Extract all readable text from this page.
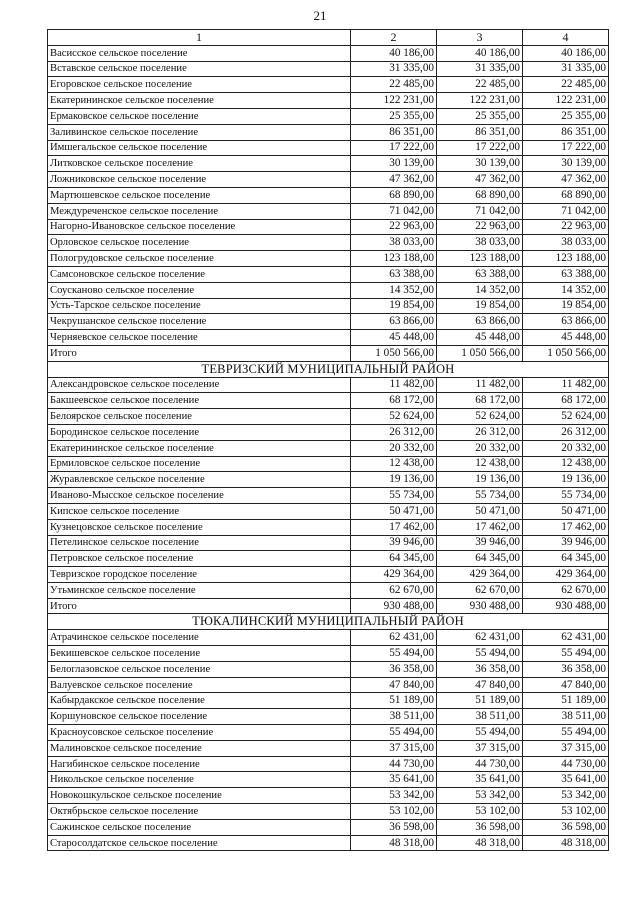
21
1	2	3	4
Васисское сельское поселение	40 186,00	40 186,00	40 186,00
Вставское сельское поселение	31 335,00	31 335,00	31 335,00
Егоровское сельское поселение	22 485,00	22 485,00	22 485,00
Екатерининское сельское поселение	122 231,00	122 231,00	122 231,00
Ермаковское сельское поселение	25 355,00	25 355,00	25 355,00
Заливинское сельское поселение	86 351,00	86 351,00	86 351,00
Имшегальское сельское поселение	17 222,00	17 222,00	17 222,00
Литковское сельское поселение	30 139,00	30 139,00	30 139,00
Ложниковское сельское поселение	47 362,00	47 362,00	47 362,00
Мартюшевское сельское поселение	68 890,00	68 890,00	68 890,00
Междуреченское сельское поселение	71 042,00	71 042,00	71 042,00
Нагорно-Ивановское сельское поселение	22 963,00	22 963,00	22 963,00
Орловское сельское поселение	38 033,00	38 033,00	38 033,00
Пологрудовское сельское поселение	123 188,00	123 188,00	123 188,00
Самсоновское сельское поселение	63 388,00	63 388,00	63 388,00
Соусканово сельское поселение	14 352,00	14 352,00	14 352,00
Усть-Тарское сельское поселение	19 854,00	19 854,00	19 854,00
Чекрушанское сельское поселение	63 866,00	63 866,00	63 866,00
Черняевское сельское поселение	45 448,00	45 448,00	45 448,00
Итого	1 050 566,00	1 050 566,00	1 050 566,00
ТЕВРИЗСКИЙ МУНИЦИПАЛЬНЫЙ РАЙОН			
Александровское сельское поселение	11 482,00	11 482,00	11 482,00
Бакшеевское сельское поселение	68 172,00	68 172,00	68 172,00
Белоярское сельское поселение	52 624,00	52 624,00	52 624,00
Бородинское сельское поселение	26 312,00	26 312,00	26 312,00
Екатерининское сельское поселение	20 332,00	20 332,00	20 332,00
Ермиловское сельское поселение	12 438,00	12 438,00	12 438,00
Журавлевское сельское поселение	19 136,00	19 136,00	19 136,00
Иваново-Мысское сельское поселение	55 734,00	55 734,00	55 734,00
Кипское сельское поселение	50 471,00	50 471,00	50 471,00
Кузнецовское сельское поселение	17 462,00	17 462,00	17 462,00
Петелинское сельское поселение	39 946,00	39 946,00	39 946,00
Петровское сельское поселение	64 345,00	64 345,00	64 345,00
Тевризское городское поселение	429 364,00	429 364,00	429 364,00
Утьминское сельское поселение	62 670,00	62 670,00	62 670,00
Итого	930 488,00	930 488,00	930 488,00
ТЮКАЛИНСКИЙ МУНИЦИПАЛЬНЫЙ РАЙОН			
Атрачинское сельское поселение	62 431,00	62 431,00	62 431,00
Бекишевское сельское поселение	55 494,00	55 494,00	55 494,00
Белоглазовское сельское поселение	36 358,00	36 358,00	36 358,00
Валуевское сельское поселение	47 840,00	47 840,00	47 840,00
Кабырдакское сельское поселение	51 189,00	51 189,00	51 189,00
Коршуновское сельское поселение	38 511,00	38 511,00	38 511,00
Красноусовское сельское поселение	55 494,00	55 494,00	55 494,00
Малиновское сельское поселение	37 315,00	37 315,00	37 315,00
Нагибинское сельское поселение	44 730,00	44 730,00	44 730,00
Никольское сельское поселение	35 641,00	35 641,00	35 641,00
Новокошкульское сельское поселение	53 342,00	53 342,00	53 342,00
Октябрьское сельское поселение	53 102,00	53 102,00	53 102,00
Сажинское сельское поселение	36 598,00	36 598,00	36 598,00
Старосолдатское сельское поселение	48 318,00	48 318,00	48 318,00
